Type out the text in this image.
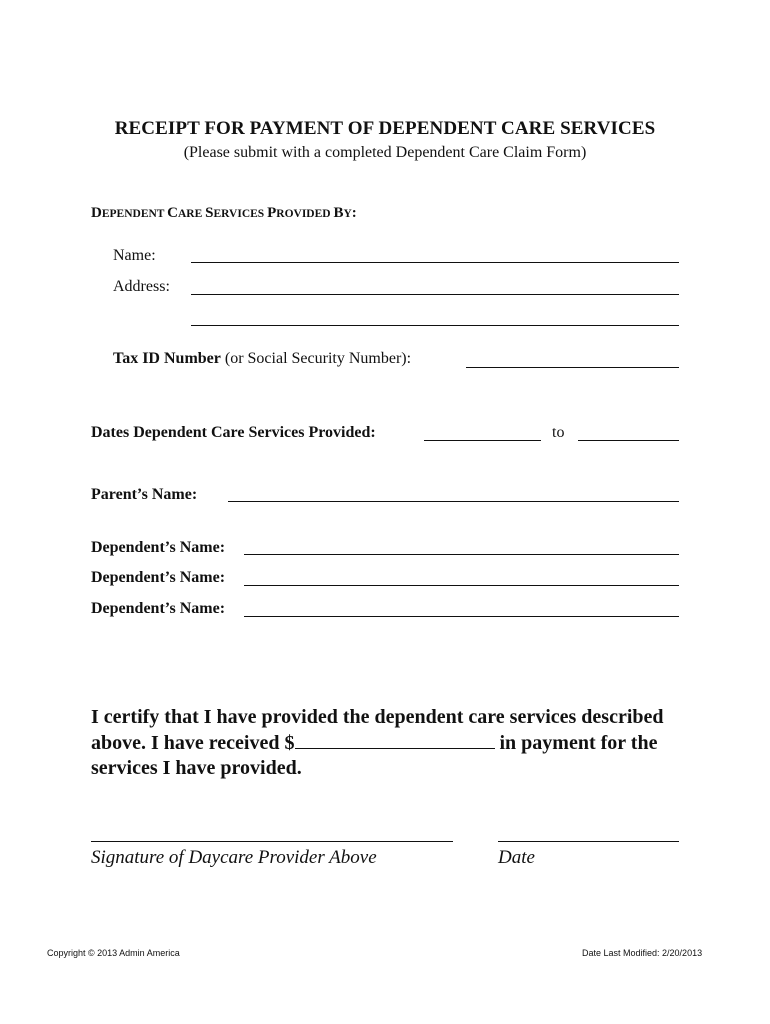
RECEIPT FOR PAYMENT OF DEPENDENT CARE SERVICES
(Please submit with a completed Dependent Care Claim Form)
DEPENDENT CARE SERVICES PROVIDED BY:
Name:
Address:
Tax ID Number (or Social Security Number):
Dates Dependent Care Services Provided:	to
Parent’s Name:
Dependent’s Name:
Dependent’s Name:
Dependent’s Name:
I certify that I have provided the dependent care services described above. I have received $	in payment for the services I have provided.
Signature of Daycare Provider Above	Date
Copyright © 2013 Admin America	Date Last Modified: 2/20/2013
